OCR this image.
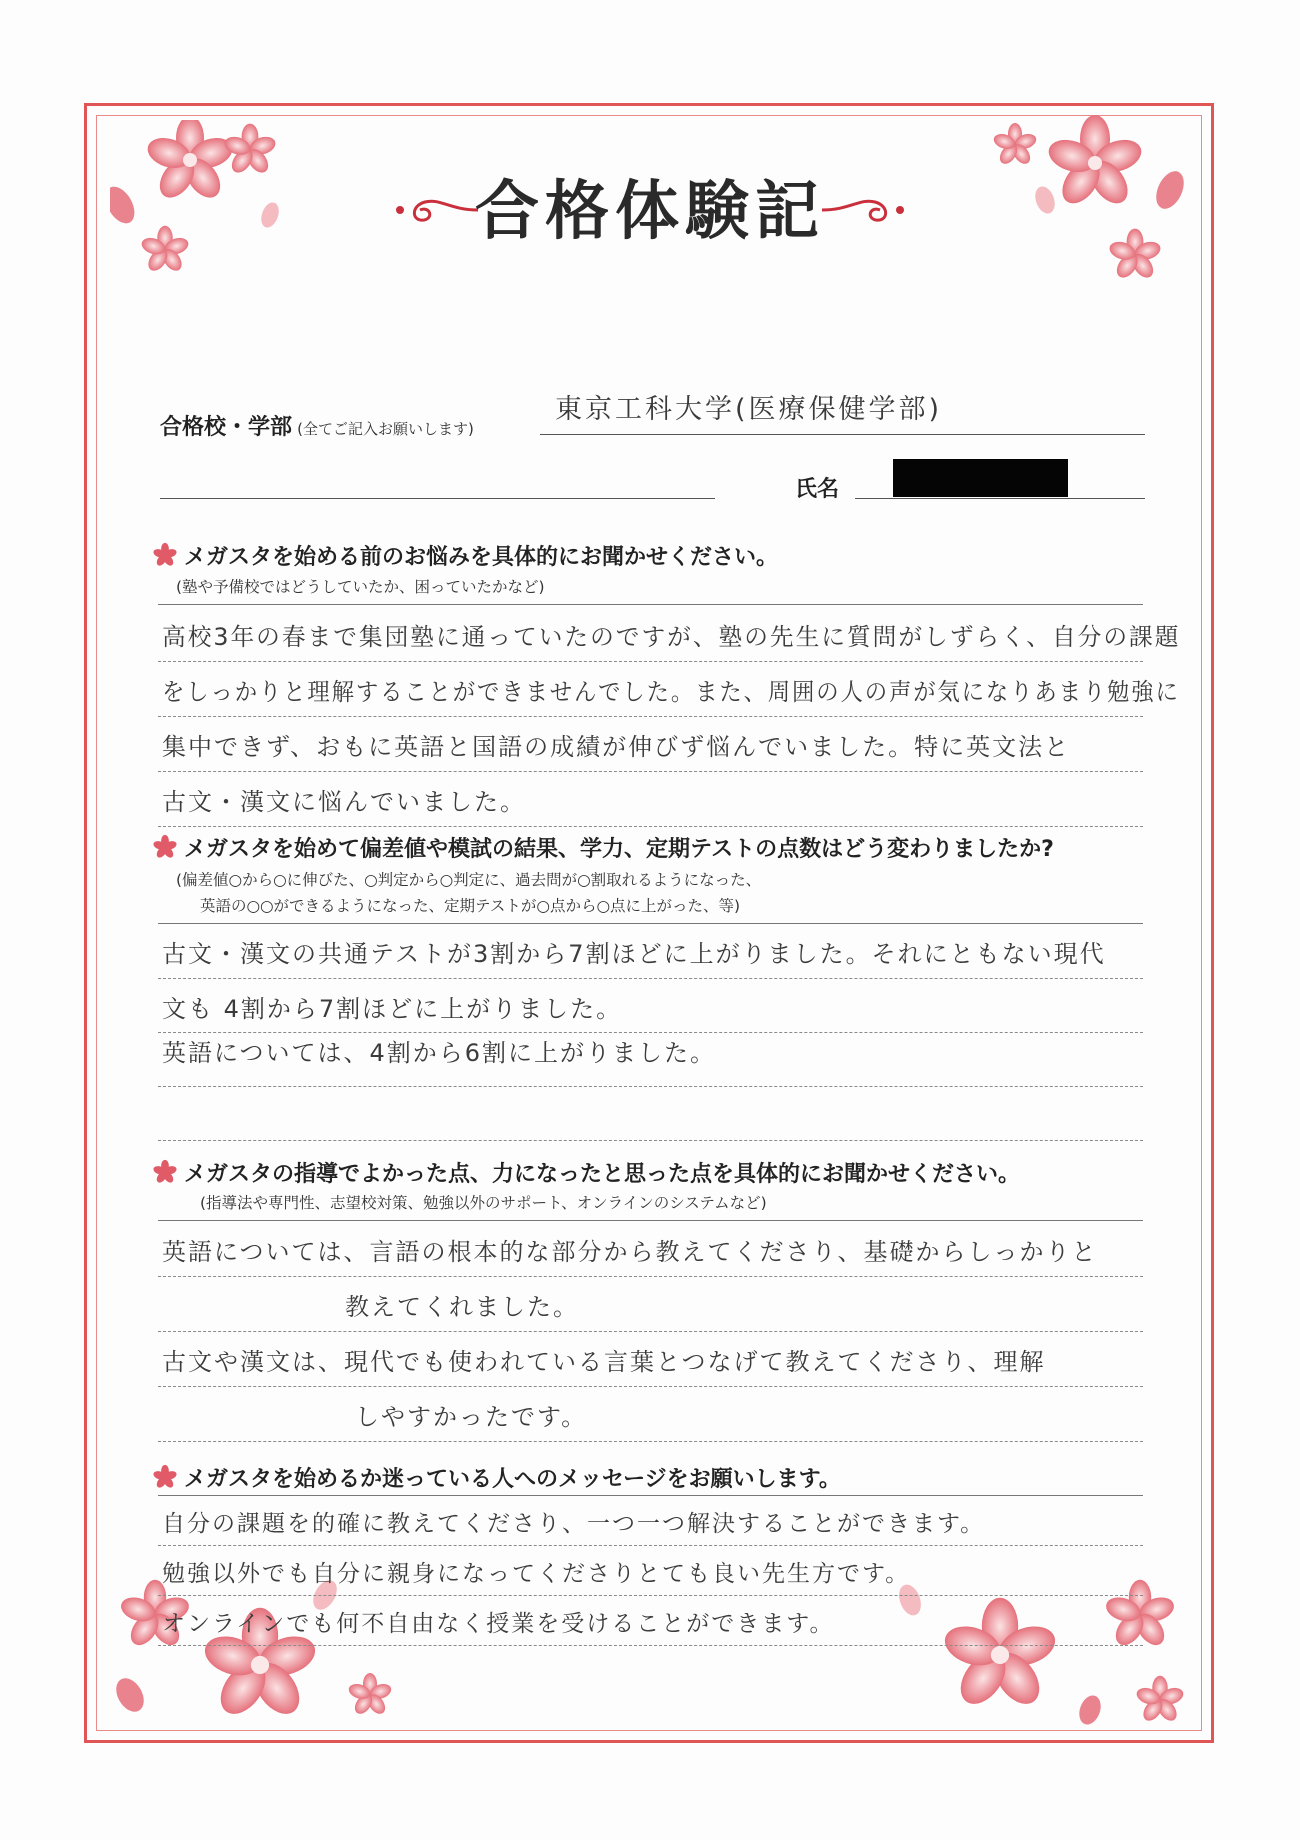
合格体験記
合格校・学部 (全てご記入お願いします)
東京工科大学(医療保健学部)
氏名
メガスタを始める前のお悩みを具体的にお聞かせください。
(塾や予備校ではどうしていたか、困っていたかなど)
高校3年の春まで集団塾に通っていたのですが、塾の先生に質問がしずらく、自分の課題
をしっかりと理解することができませんでした。また、周囲の人の声が気になりあまり勉強に
集中できず、おもに英語と国語の成績が伸びず悩んでいました。特に英文法と
古文・漢文に悩んでいました。
メガスタを始めて偏差値や模試の結果、学力、定期テストの点数はどう変わりましたか?
(偏差値○から○に伸びた、○判定から○判定に、過去問が○割取れるようになった、
英語の○○ができるようになった、定期テストが○点から○点に上がった、等)
古文・漢文の共通テストが3割から7割ほどに上がりました。それにともない現代
文も 4割から7割ほどに上がりました。
英語については、4割から6割に上がりました。
メガスタの指導でよかった点、力になったと思った点を具体的にお聞かせください。
(指導法や専門性、志望校対策、勉強以外のサポート、オンラインのシステムなど)
英語については、言語の根本的な部分から教えてくださり、基礎からしっかりと
教えてくれました。
古文や漢文は、現代でも使われている言葉とつなげて教えてくださり、理解
しやすかったです。
メガスタを始めるか迷っている人へのメッセージをお願いします。
自分の課題を的確に教えてくださり、一つ一つ解決することができます。
勉強以外でも自分に親身になってくださりとても良い先生方です。
オンラインでも何不自由なく授業を受けることができます。
